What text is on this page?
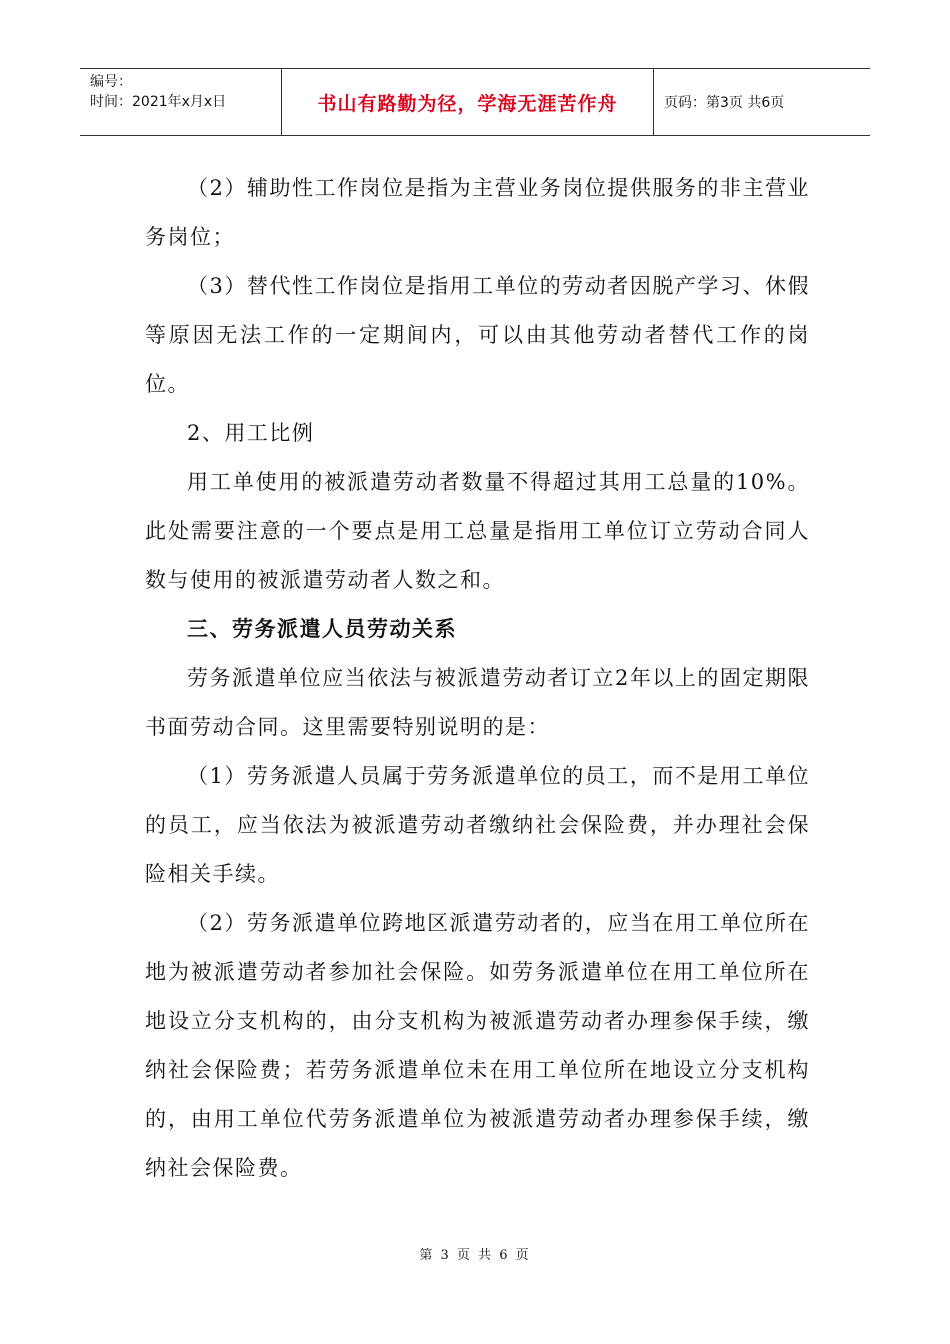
编号：
时间：2021年x月x日	书山有路勤为径，学海无涯苦作舟	页码：第3页 共6页

（2）辅助性工作岗位是指为主营业务岗位提供服务的非主营业务岗位；

（3）替代性工作岗位是指用工单位的劳动者因脱产学习、休假等原因无法工作的一定期间内，可以由其他劳动者替代工作的岗位。

2、用工比例

用工单使用的被派遣劳动者数量不得超过其用工总量的10%。此处需要注意的一个要点是用工总量是指用工单位订立劳动合同人数与使用的被派遣劳动者人数之和。

三、劳务派遣人员劳动关系

劳务派遣单位应当依法与被派遣劳动者订立2年以上的固定期限书面劳动合同。这里需要特别说明的是：

（1）劳务派遣人员属于劳务派遣单位的员工，而不是用工单位的员工，应当依法为被派遣劳动者缴纳社会保险费，并办理社会保险相关手续。

（2）劳务派遣单位跨地区派遣劳动者的，应当在用工单位所在地为被派遣劳动者参加社会保险。如劳务派遣单位在用工单位所在地设立分支机构的，由分支机构为被派遣劳动者办理参保手续，缴纳社会保险费；若劳务派遣单位未在用工单位所在地设立分支机构的，由用工单位代劳务派遣单位为被派遣劳动者办理参保手续，缴纳社会保险费。

第 3 页 共 6 页
